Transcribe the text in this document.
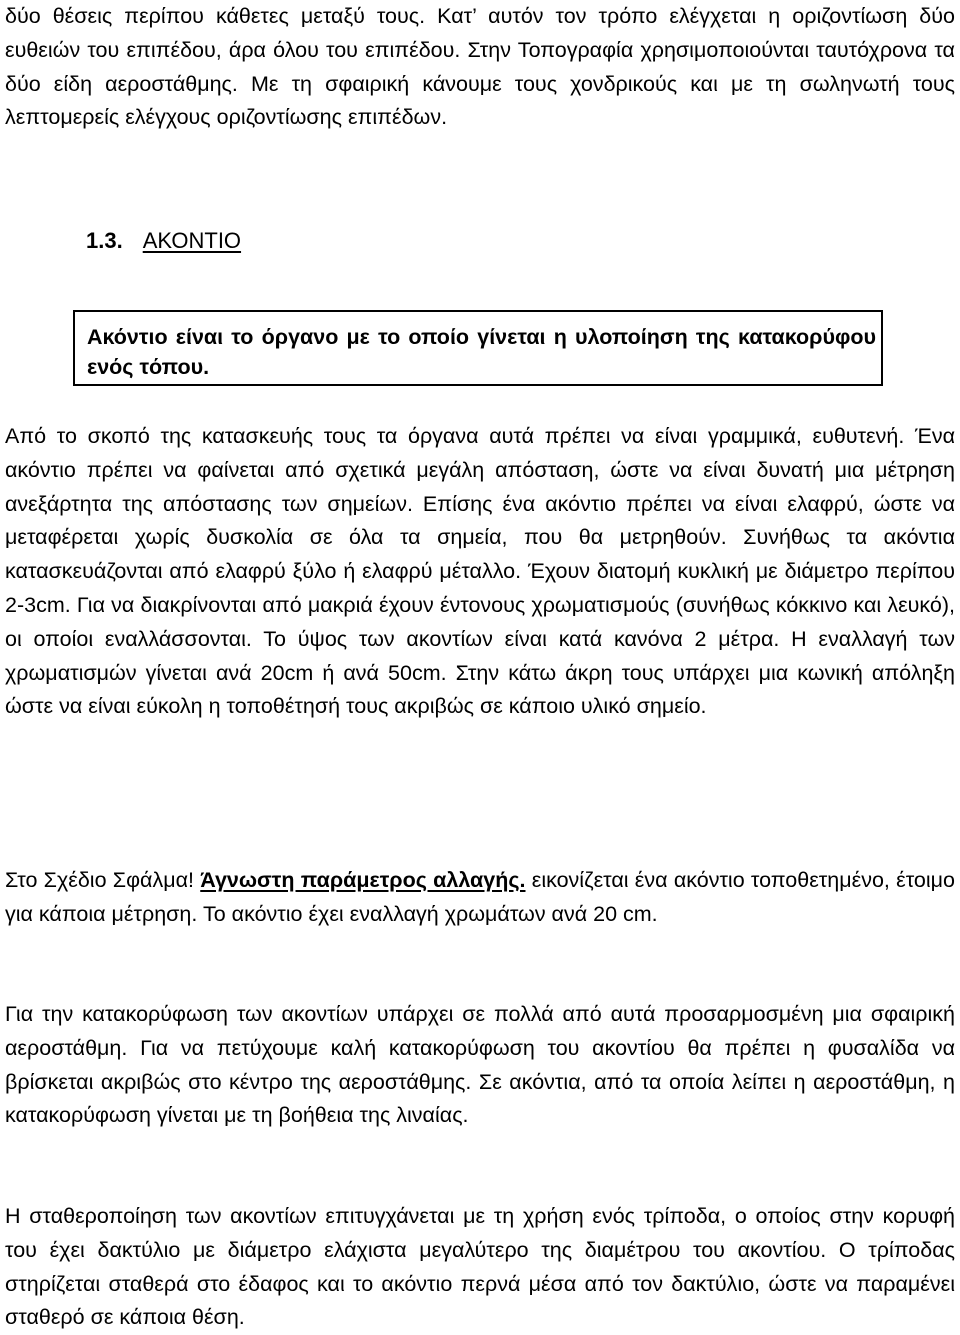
δύο θέσεις περίπου κάθετες μεταξύ τους. Κατ’ αυτόν τον τρόπο ελέγχεται η οριζοντίωση δύο ευθειών του επιπέδου, άρα όλου του επιπέδου. Στην Τοπογραφία χρησιμοποιούνται ταυτόχρονα τα δύο είδη αεροστάθμης. Με τη σφαιρική κάνουμε τους χονδρικούς και με τη σωληνωτή τους λεπτομερείς ελέγχους οριζοντίωσης επιπέδων.

1.3. ΑΚΟΝΤΙΟ

Ακόντιο είναι το όργανο με το οποίο γίνεται η υλοποίηση της κατακορύφου ενός τόπου.

Από το σκοπό της κατασκευής τους τα όργανα αυτά πρέπει να είναι γραμμικά, ευθυτενή. Ένα ακόντιο πρέπει να φαίνεται από σχετικά μεγάλη απόσταση, ώστε να είναι δυνατή μια μέτρηση ανεξάρτητα της απόστασης των σημείων. Επίσης ένα ακόντιο πρέπει να είναι ελαφρύ, ώστε να μεταφέρεται χωρίς δυσκολία σε όλα τα σημεία, που θα μετρηθούν. Συνήθως τα ακόντια κατασκευάζονται από ελαφρύ ξύλο ή ελαφρύ μέταλλο. Έχουν διατομή κυκλική με διάμετρο περίπου 2-3cm. Για να διακρίνονται από μακριά έχουν έντονους χρωματισμούς (συνήθως κόκκινο και λευκό), οι οποίοι εναλλάσσονται. Το ύψος των ακοντίων είναι κατά κανόνα 2 μέτρα. Η εναλλαγή των χρωματισμών γίνεται ανά 20cm ή ανά 50cm. Στην κάτω άκρη τους υπάρχει μια κωνική απόληξη ώστε να είναι εύκολη η τοποθέτησή τους ακριβώς σε κάποιο υλικό σημείο.

Στο Σχέδιο Σφάλμα! Άγνωστη παράμετρος αλλαγής. εικονίζεται ένα ακόντιο τοποθετημένο, έτοιμο για κάποια μέτρηση. Το ακόντιο έχει εναλλαγή χρωμάτων ανά 20 cm.

Για την κατακορύφωση των ακοντίων υπάρχει σε πολλά από αυτά προσαρμοσμένη μια σφαιρική αεροστάθμη. Για να πετύχουμε καλή κατακορύφωση του ακοντίου θα πρέπει η φυσαλίδα να βρίσκεται ακριβώς στο κέντρο της αεροστάθμης. Σε ακόντια, από τα οποία λείπει η αεροστάθμη, η κατακορύφωση γίνεται με τη βοήθεια της λιναίας.

Η σταθεροποίηση των ακοντίων επιτυγχάνεται με τη χρήση ενός τρίποδα, ο οποίος στην κορυφή του έχει δακτύλιο με διάμετρο ελάχιστα μεγαλύτερο της διαμέτρου του ακοντίου. Ο τρίποδας στηρίζεται σταθερά στο έδαφος και το ακόντιο περνά μέσα από τον δακτύλιο, ώστε να παραμένει σταθερό σε κάποια θέση.
